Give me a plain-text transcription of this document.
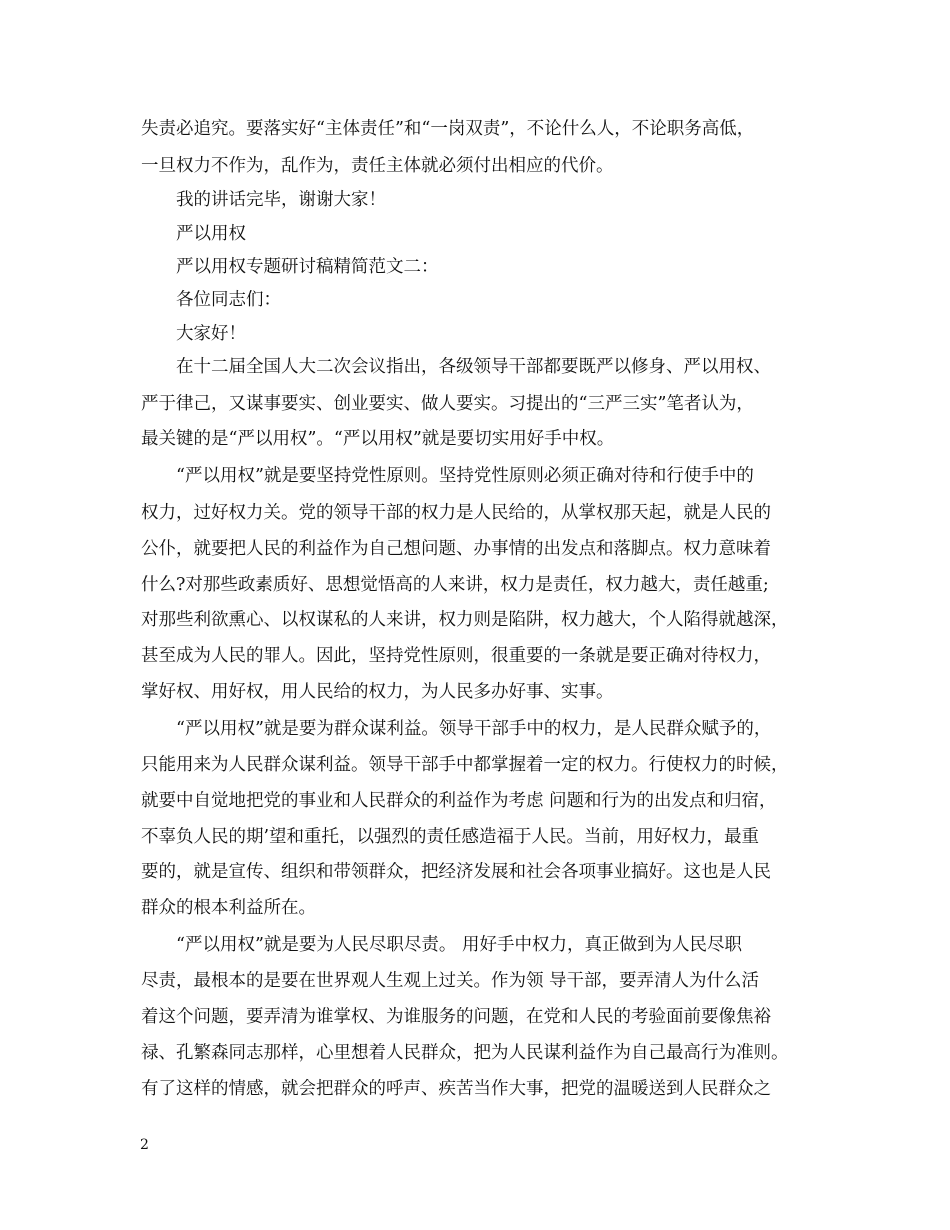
失责必追究。要落实好“主体责任”和“一岗双责”，不论什么人，不论职务高低，
一旦权力不作为，乱作为，责任主体就必须付出相应的代价。
我的讲话完毕，谢谢大家！
严以用权
严以用权专题研讨稿精简范文二：
各位同志们：
大家好！
在十二届全国人大二次会议指出，各级领导干部都要既严以修身、严以用权、
严于律己，又谋事要实、创业要实、做人要实。习提出的“三严三实”笔者认为，
最关键的是“严以用权”。“严以用权”就是要切实用好手中权。
“严以用权”就是要坚持党性原则。坚持党性原则必须正确对待和行使手中的
权力，过好权力关。党的领导干部的权力是人民给的，从掌权那天起，就是人民的
公仆，就要把人民的利益作为自己想问题、办事情的出发点和落脚点。权力意味着
什么?对那些政素质好、思想觉悟高的人来讲，权力是责任，权力越大，责任越重;
对那些利欲熏心、以权谋私的人来讲，权力则是陷阱，权力越大，个人陷得就越深，
甚至成为人民的罪人。因此，坚持党性原则，很重要的一条就是要正确对待权力，
掌好权、用好权，用人民给的权力，为人民多办好事、实事。
“严以用权”就是要为群众谋利益。领导干部手中的权力，是人民群众赋予的，
只能用来为人民群众谋利益。领导干部手中都掌握着一定的权力。行使权力的时候，
就要中自觉地把党的事业和人民群众的利益作为考虑 问题和行为的出发点和归宿，
不辜负人民的期’望和重托，以强烈的责任感造福于人民。当前，用好权力，最重
要的，就是宣传、组织和带领群众，把经济发展和社会各项事业搞好。这也是人民
群众的根本利益所在。
“严以用权”就是要为人民尽职尽责。 用好手中权力，真正做到为人民尽职
尽责，最根本的是要在世界观人生观上过关。作为领 导干部，要弄清人为什么活
着这个问题，要弄清为谁掌权、为谁服务的问题，在党和人民的考验面前要像焦裕
禄、孔繁森同志那样，心里想着人民群众，把为人民谋利益作为自己最高行为准则。
有了这样的情感，就会把群众的呼声、疾苦当作大事，把党的温暖送到人民群众之
2
